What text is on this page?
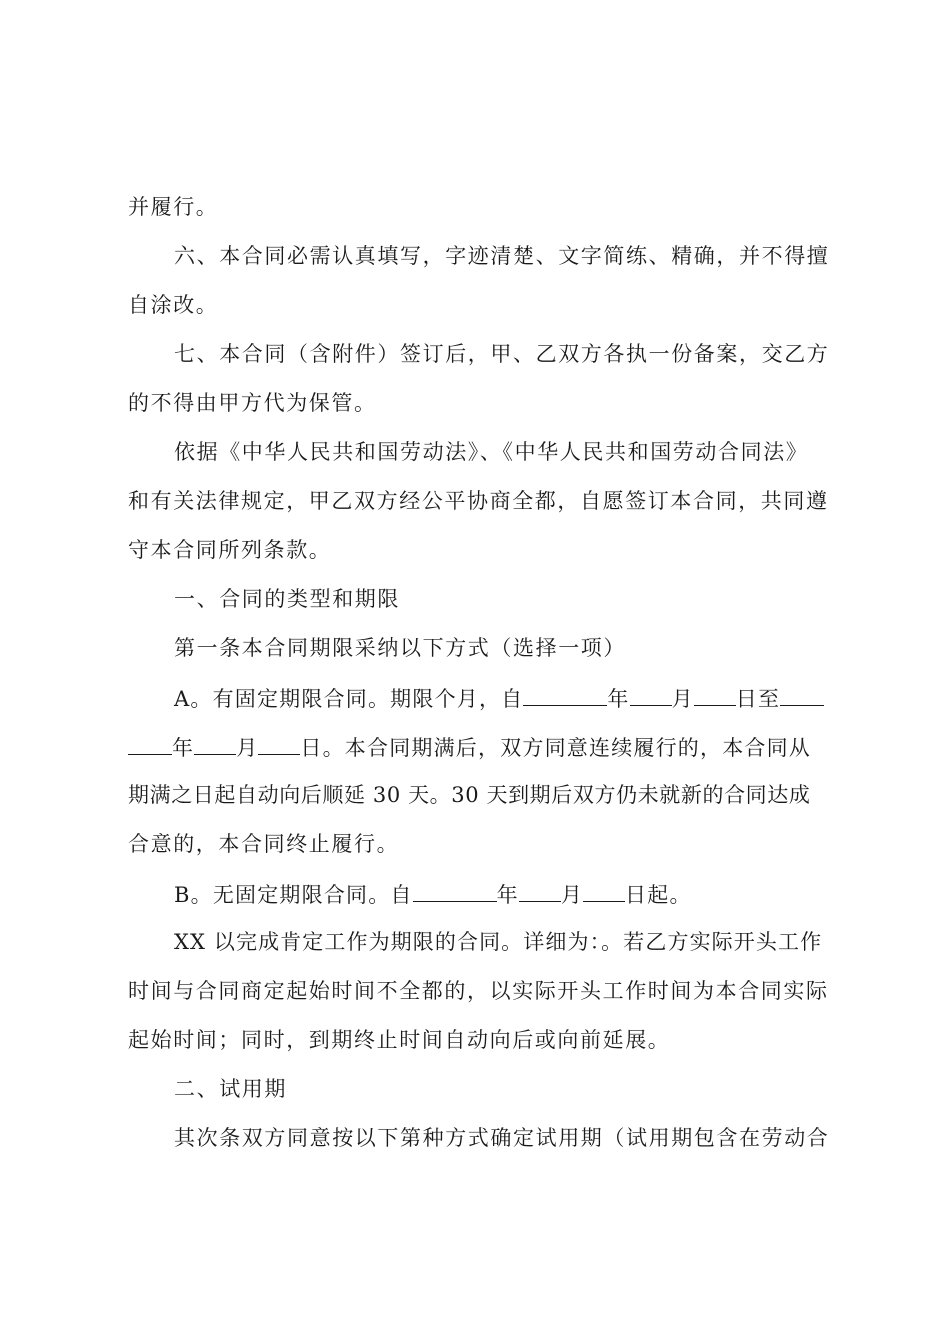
并履行。
六、本合同必需认真填写，字迹清楚、文字简练、精确，并不得擅
自涂改。
七、本合同（含附件）签订后，甲、乙双方各执一份备案，交乙方
的不得由甲方代为保管。
依据《中华人民共和国劳动法》、《中华人民共和国劳动合同法》
和有关法律规定，甲乙双方经公平协商全都，自愿签订本合同，共同遵
守本合同所列条款。
一、合同的类型和期限
第一条本合同期限采纳以下方式（选择一项）
A。有固定期限合同。期限个月，自	年 月 日至
年 月 日。本合同期满后，双方同意连续履行的，本合同从
期满之日起自动向后顺延 30 天。30 天到期后双方仍未就新的合同达成
合意的，本合同终止履行。
B。无固定期限合同。自	年 月 日起。
XX 以完成肯定工作为期限的合同。详细为：。若乙方实际开头工作
时间与合同商定起始时间不全都的，以实际开头工作时间为本合同实际
起始时间；同时，到期终止时间自动向后或向前延展。
二、试用期
其次条双方同意按以下第种方式确定试用期（试用期包含在劳动合
